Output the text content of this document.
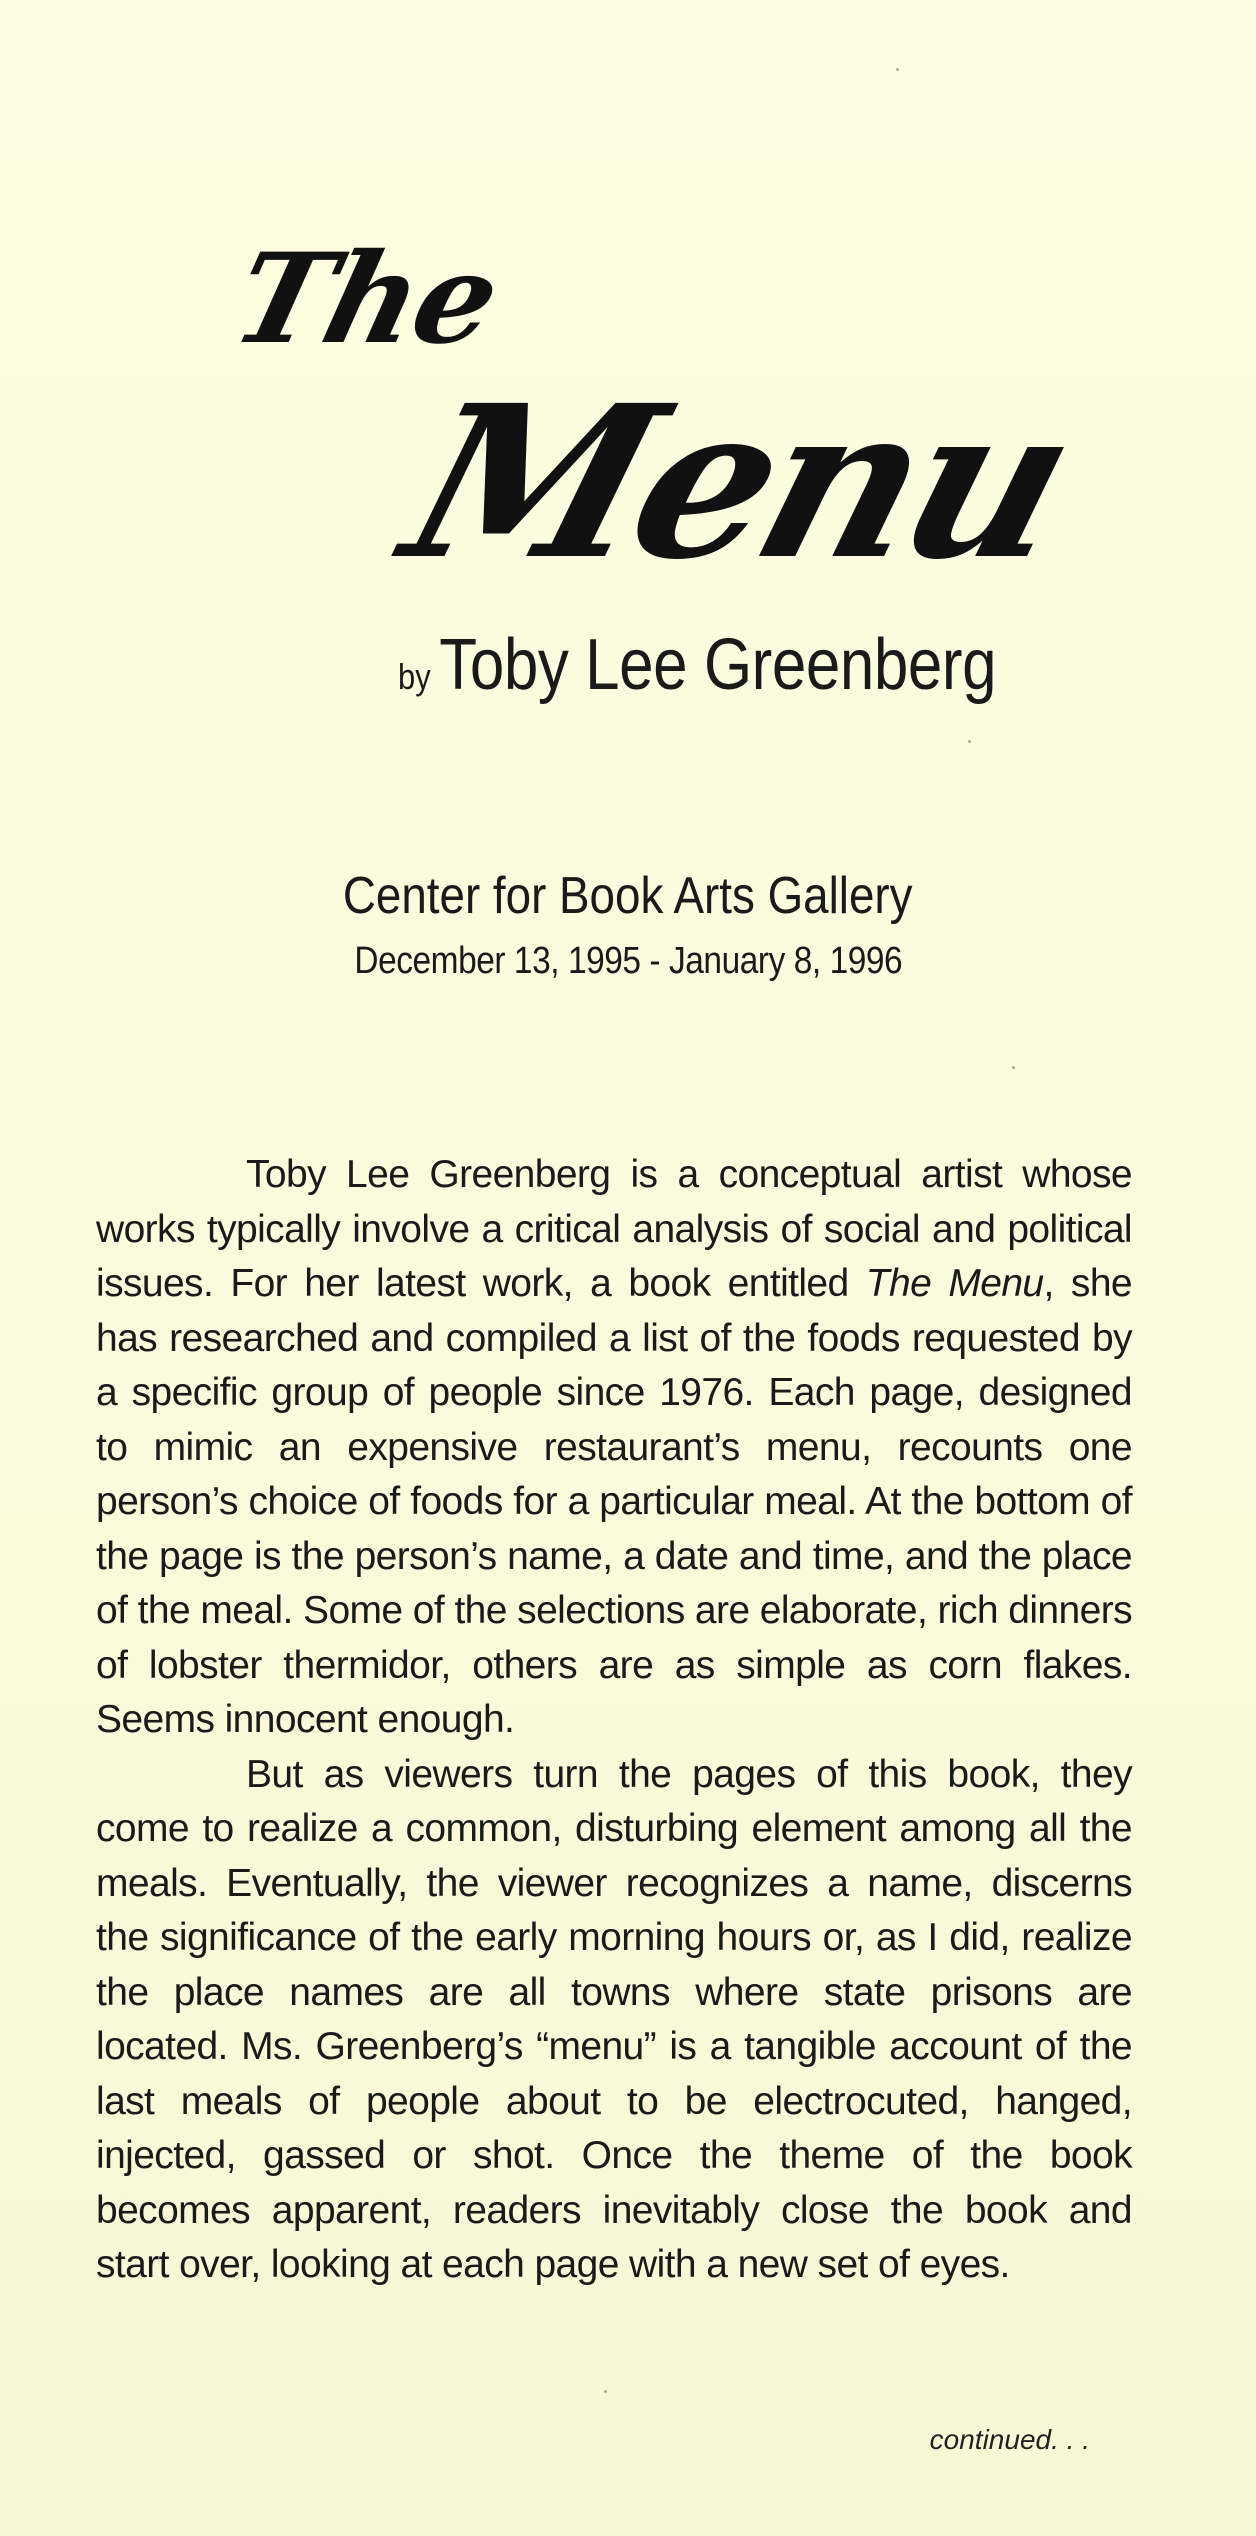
The
Menu
by Toby Lee Greenberg
Center for Book Arts Gallery
December 13, 1995 - January 8, 1996

Toby Lee Greenberg is a conceptual artist whose works typically involve a critical analysis of social and political issues. For her latest work, a book entitled The Menu, she has researched and compiled a list of the foods requested by a specific group of people since 1976. Each page, designed to mimic an expensive restaurant’s menu, recounts one person’s choice of foods for a particular meal. At the bottom of the page is the person’s name, a date and time, and the place of the meal. Some of the selections are elaborate, rich dinners of lobster thermidor, others are as simple as corn flakes. Seems innocent enough.

But as viewers turn the pages of this book, they come to realize a common, disturbing element among all the meals. Eventually, the viewer recognizes a name, discerns the significance of the early morning hours or, as I did, realize the place names are all towns where state prisons are located. Ms. Greenberg’s “menu” is a tangible account of the last meals of people about to be electrocuted, hanged, injected, gassed or shot. Once the theme of the book becomes apparent, readers inevitably close the book and start over, looking at each page with a new set of eyes.

continued. . .
